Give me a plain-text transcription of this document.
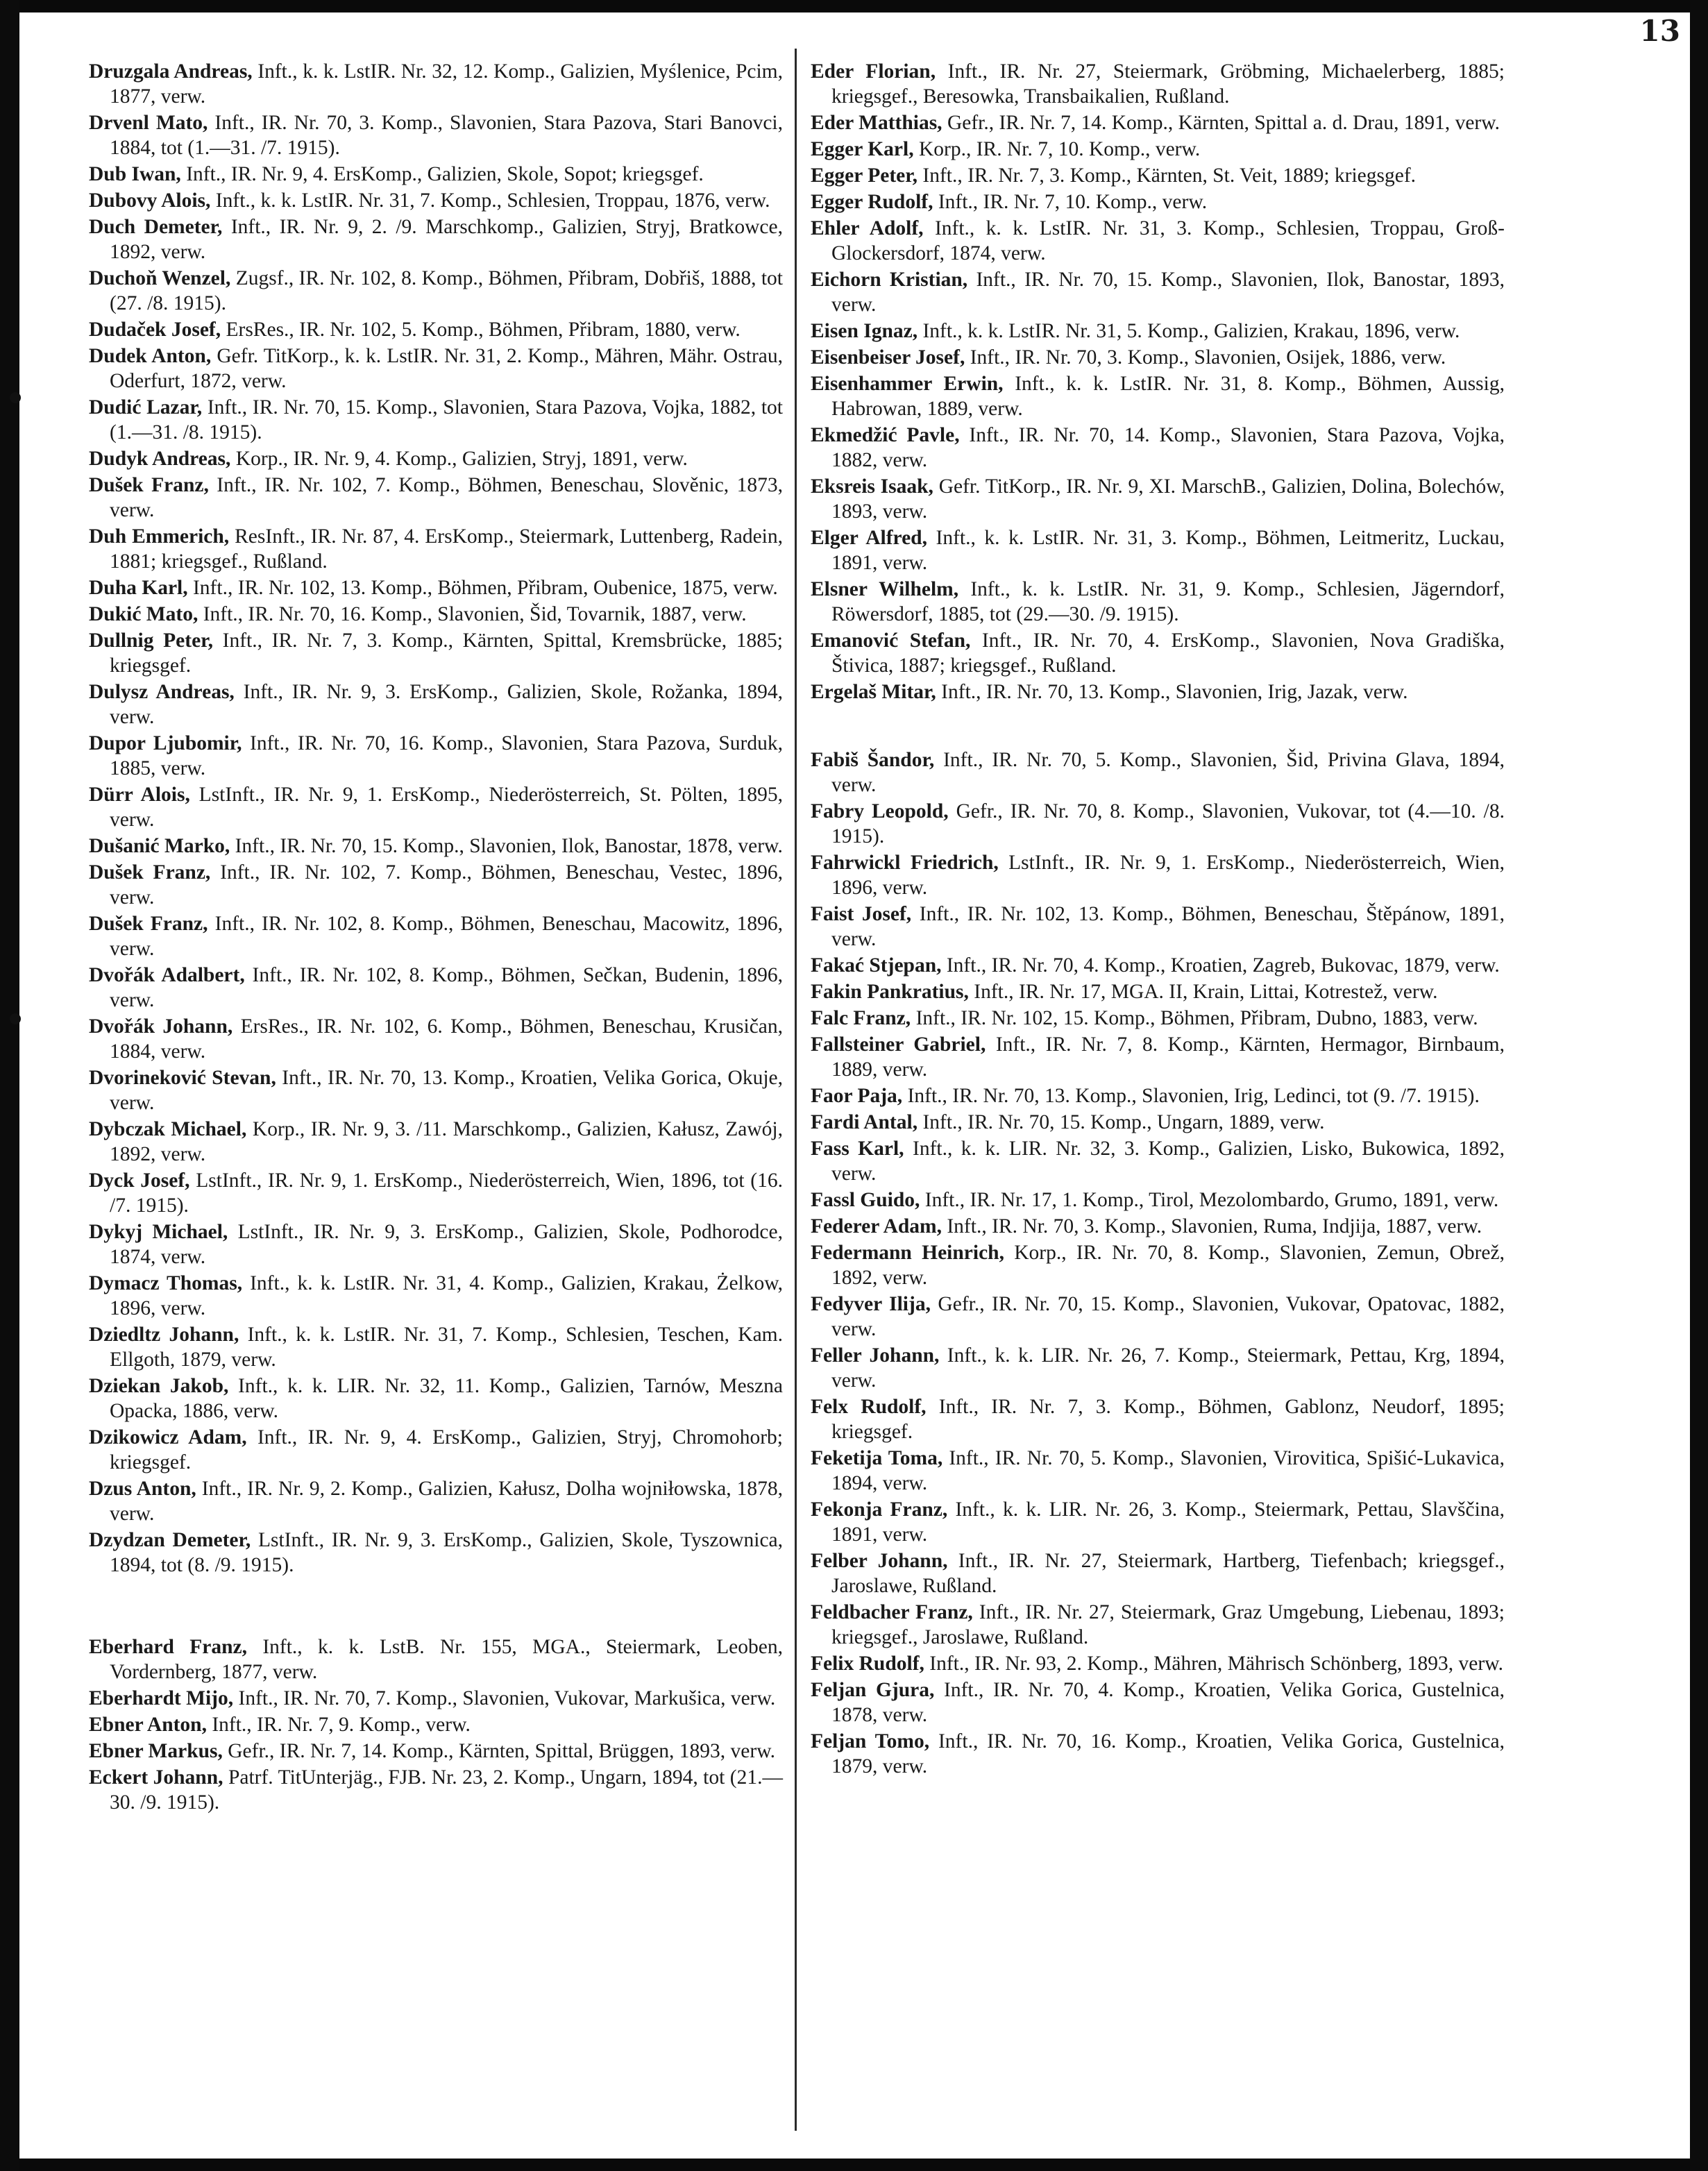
13

Druzgala Andreas, Inft., k. k. LstIR. Nr. 32, 12. Komp., Galizien, Myślenice, Pcim, 1877, verw.

Drvenl Mato, Inft., IR. Nr. 70, 3. Komp., Slavonien, Stara Pazova, Stari Banovci, 1884, tot (1.—31. /7. 1915).

Dub Iwan, Inft., IR. Nr. 9, 4. ErsKomp., Galizien, Skole, Sopot; kriegsgef.

Dubovy Alois, Inft., k. k. LstIR. Nr. 31, 7. Komp., Schlesien, Troppau, 1876, verw.

Duch Demeter, Inft., IR. Nr. 9, 2. /9. Marschkomp., Galizien, Stryj, Bratkowce, 1892, verw.

Duchoň Wenzel, Zugsf., IR. Nr. 102, 8. Komp., Böhmen, Přibram, Dobřiš, 1888, tot (27. /8. 1915).

Dudaček Josef, ErsRes., IR. Nr. 102, 5. Komp., Böhmen, Přibram, 1880, verw.

Dudek Anton, Gefr. TitKorp., k. k. LstIR. Nr. 31, 2. Komp., Mähren, Mähr. Ostrau, Oderfurt, 1872, verw.

Dudić Lazar, Inft., IR. Nr. 70, 15. Komp., Slavonien, Stara Pazova, Vojka, 1882, tot (1.—31. /8. 1915).

Dudyk Andreas, Korp., IR. Nr. 9, 4. Komp., Galizien, Stryj, 1891, verw.

Dušek Franz, Inft., IR. Nr. 102, 7. Komp., Böhmen, Beneschau, Slověnic, 1873, verw.

Duh Emmerich, ResInft., IR. Nr. 87, 4. ErsKomp., Steiermark, Luttenberg, Radein, 1881; kriegsgef., Rußland.

Duha Karl, Inft., IR. Nr. 102, 13. Komp., Böhmen, Přibram, Oubenice, 1875, verw.

Dukić Mato, Inft., IR. Nr. 70, 16. Komp., Slavonien, Šid, Tovarnik, 1887, verw.

Dullnig Peter, Inft., IR. Nr. 7, 3. Komp., Kärnten, Spittal, Kremsbrücke, 1885; kriegsgef.

Dulysz Andreas, Inft., IR. Nr. 9, 3. ErsKomp., Galizien, Skole, Rožanka, 1894, verw.

Dupor Ljubomir, Inft., IR. Nr. 70, 16. Komp., Slavonien, Stara Pazova, Surduk, 1885, verw.

Dürr Alois, LstInft., IR. Nr. 9, 1. ErsKomp., Niederösterreich, St. Pölten, 1895, verw.

Dušanić Marko, Inft., IR. Nr. 70, 15. Komp., Slavonien, Ilok, Banostar, 1878, verw.

Dušek Franz, Inft., IR. Nr. 102, 7. Komp., Böhmen, Beneschau, Vestec, 1896, verw.

Dušek Franz, Inft., IR. Nr. 102, 8. Komp., Böhmen, Beneschau, Macowitz, 1896, verw.

Dvořák Adalbert, Inft., IR. Nr. 102, 8. Komp., Böhmen, Sečkan, Budenin, 1896, verw.

Dvořák Johann, ErsRes., IR. Nr. 102, 6. Komp., Böhmen, Beneschau, Krusičan, 1884, verw.

Dvorineković Stevan, Inft., IR. Nr. 70, 13. Komp., Kroatien, Velika Gorica, Okuje, verw.

Dybczak Michael, Korp., IR. Nr. 9, 3. /11. Marschkomp., Galizien, Kałusz, Zawój, 1892, verw.

Dyck Josef, LstInft., IR. Nr. 9, 1. ErsKomp., Niederösterreich, Wien, 1896, tot (16. /7. 1915).

Dykyj Michael, LstInft., IR. Nr. 9, 3. ErsKomp., Galizien, Skole, Podhorodce, 1874, verw.

Dymacz Thomas, Inft., k. k. LstIR. Nr. 31, 4. Komp., Galizien, Krakau, Żelkow, 1896, verw.

Dziedltz Johann, Inft., k. k. LstIR. Nr. 31, 7. Komp., Schlesien, Teschen, Kam. Ellgoth, 1879, verw.

Dziekan Jakob, Inft., k. k. LIR. Nr. 32, 11. Komp., Galizien, Tarnów, Meszna Opacka, 1886, verw.

Dzikowicz Adam, Inft., IR. Nr. 9, 4. ErsKomp., Galizien, Stryj, Chromohorb; kriegsgef.

Dzus Anton, Inft., IR. Nr. 9, 2. Komp., Galizien, Kałusz, Dolha wojniłowska, 1878, verw.

Dzydzan Demeter, LstInft., IR. Nr. 9, 3. ErsKomp., Galizien, Skole, Tyszownica, 1894, tot (8. /9. 1915).

Eberhard Franz, Inft., k. k. LstB. Nr. 155, MGA., Steiermark, Leoben, Vordernberg, 1877, verw.

Eberhardt Mijo, Inft., IR. Nr. 70, 7. Komp., Slavonien, Vukovar, Markušica, verw.

Ebner Anton, Inft., IR. Nr. 7, 9. Komp., verw.

Ebner Markus, Gefr., IR. Nr. 7, 14. Komp., Kärnten, Spittal, Brüggen, 1893, verw.

Eckert Johann, Patrf. TitUnterjäg., FJB. Nr. 23, 2. Komp., Ungarn, 1894, tot (21.—30. /9. 1915).

Eder Florian, Inft., IR. Nr. 27, Steiermark, Gröbming, Michaelerberg, 1885; kriegsgef., Beresowka, Transbaikalien, Rußland.

Eder Matthias, Gefr., IR. Nr. 7, 14. Komp., Kärnten, Spittal a. d. Drau, 1891, verw.

Egger Karl, Korp., IR. Nr. 7, 10. Komp., verw.

Egger Peter, Inft., IR. Nr. 7, 3. Komp., Kärnten, St. Veit, 1889; kriegsgef.

Egger Rudolf, Inft., IR. Nr. 7, 10. Komp., verw.

Ehler Adolf, Inft., k. k. LstIR. Nr. 31, 3. Komp., Schlesien, Troppau, Groß-Glockersdorf, 1874, verw.

Eichorn Kristian, Inft., IR. Nr. 70, 15. Komp., Slavonien, Ilok, Banostar, 1893, verw.

Eisen Ignaz, Inft., k. k. LstIR. Nr. 31, 5. Komp., Galizien, Krakau, 1896, verw.

Eisenbeiser Josef, Inft., IR. Nr. 70, 3. Komp., Slavonien, Osijek, 1886, verw.

Eisenhammer Erwin, Inft., k. k. LstIR. Nr. 31, 8. Komp., Böhmen, Aussig, Habrowan, 1889, verw.

Ekmedžić Pavle, Inft., IR. Nr. 70, 14. Komp., Slavonien, Stara Pazova, Vojka, 1882, verw.

Eksreis Isaak, Gefr. TitKorp., IR. Nr. 9, XI. MarschB., Galizien, Dolina, Bolechów, 1893, verw.

Elger Alfred, Inft., k. k. LstIR. Nr. 31, 3. Komp., Böhmen, Leitmeritz, Luckau, 1891, verw.

Elsner Wilhelm, Inft., k. k. LstIR. Nr. 31, 9. Komp., Schlesien, Jägerndorf, Röwersdorf, 1885, tot (29.—30. /9. 1915).

Emanović Stefan, Inft., IR. Nr. 70, 4. ErsKomp., Slavonien, Nova Gradiška, Štivica, 1887; kriegsgef., Rußland.

Ergelaš Mitar, Inft., IR. Nr. 70, 13. Komp., Slavonien, Irig, Jazak, verw.

Fabiš Šandor, Inft., IR. Nr. 70, 5. Komp., Slavonien, Šid, Privina Glava, 1894, verw.

Fabry Leopold, Gefr., IR. Nr. 70, 8. Komp., Slavonien, Vukovar, tot (4.—10. /8. 1915).

Fahrwickl Friedrich, LstInft., IR. Nr. 9, 1. ErsKomp., Niederösterreich, Wien, 1896, verw.

Faist Josef, Inft., IR. Nr. 102, 13. Komp., Böhmen, Beneschau, Štěpánow, 1891, verw.

Fakać Stjepan, Inft., IR. Nr. 70, 4. Komp., Kroatien, Zagreb, Bukovac, 1879, verw.

Fakin Pankratius, Inft., IR. Nr. 17, MGA. II, Krain, Littai, Kotrestež, verw.

Falc Franz, Inft., IR. Nr. 102, 15. Komp., Böhmen, Přibram, Dubno, 1883, verw.

Fallsteiner Gabriel, Inft., IR. Nr. 7, 8. Komp., Kärnten, Hermagor, Birnbaum, 1889, verw.

Faor Paja, Inft., IR. Nr. 70, 13. Komp., Slavonien, Irig, Ledinci, tot (9. /7. 1915).

Fardi Antal, Inft., IR. Nr. 70, 15. Komp., Ungarn, 1889, verw.

Fass Karl, Inft., k. k. LIR. Nr. 32, 3. Komp., Galizien, Lisko, Bukowica, 1892, verw.

Fassl Guido, Inft., IR. Nr. 17, 1. Komp., Tirol, Mezolombardo, Grumo, 1891, verw.

Federer Adam, Inft., IR. Nr. 70, 3. Komp., Slavonien, Ruma, Indjija, 1887, verw.

Federmann Heinrich, Korp., IR. Nr. 70, 8. Komp., Slavonien, Zemun, Obrež, 1892, verw.

Fedyver Ilija, Gefr., IR. Nr. 70, 15. Komp., Slavonien, Vukovar, Opatovac, 1882, verw.

Feller Johann, Inft., k. k. LIR. Nr. 26, 7. Komp., Steiermark, Pettau, Krg, 1894, verw.

Felx Rudolf, Inft., IR. Nr. 7, 3. Komp., Böhmen, Gablonz, Neudorf, 1895; kriegsgef.

Feketija Toma, Inft., IR. Nr. 70, 5. Komp., Slavonien, Virovitica, Spišić-Lukavica, 1894, verw.

Fekonja Franz, Inft., k. k. LIR. Nr. 26, 3. Komp., Steiermark, Pettau, Slavščina, 1891, verw.

Felber Johann, Inft., IR. Nr. 27, Steiermark, Hartberg, Tiefenbach; kriegsgef., Jaroslawe, Rußland.

Feldbacher Franz, Inft., IR. Nr. 27, Steiermark, Graz Umgebung, Liebenau, 1893; kriegsgef., Jaroslawe, Rußland.

Felix Rudolf, Inft., IR. Nr. 93, 2. Komp., Mähren, Mährisch Schönberg, 1893, verw.

Feljan Gjura, Inft., IR. Nr. 70, 4. Komp., Kroatien, Velika Gorica, Gustelnica, 1878, verw.

Feljan Tomo, Inft., IR. Nr. 70, 16. Komp., Kroatien, Velika Gorica, Gustelnica, 1879, verw.
